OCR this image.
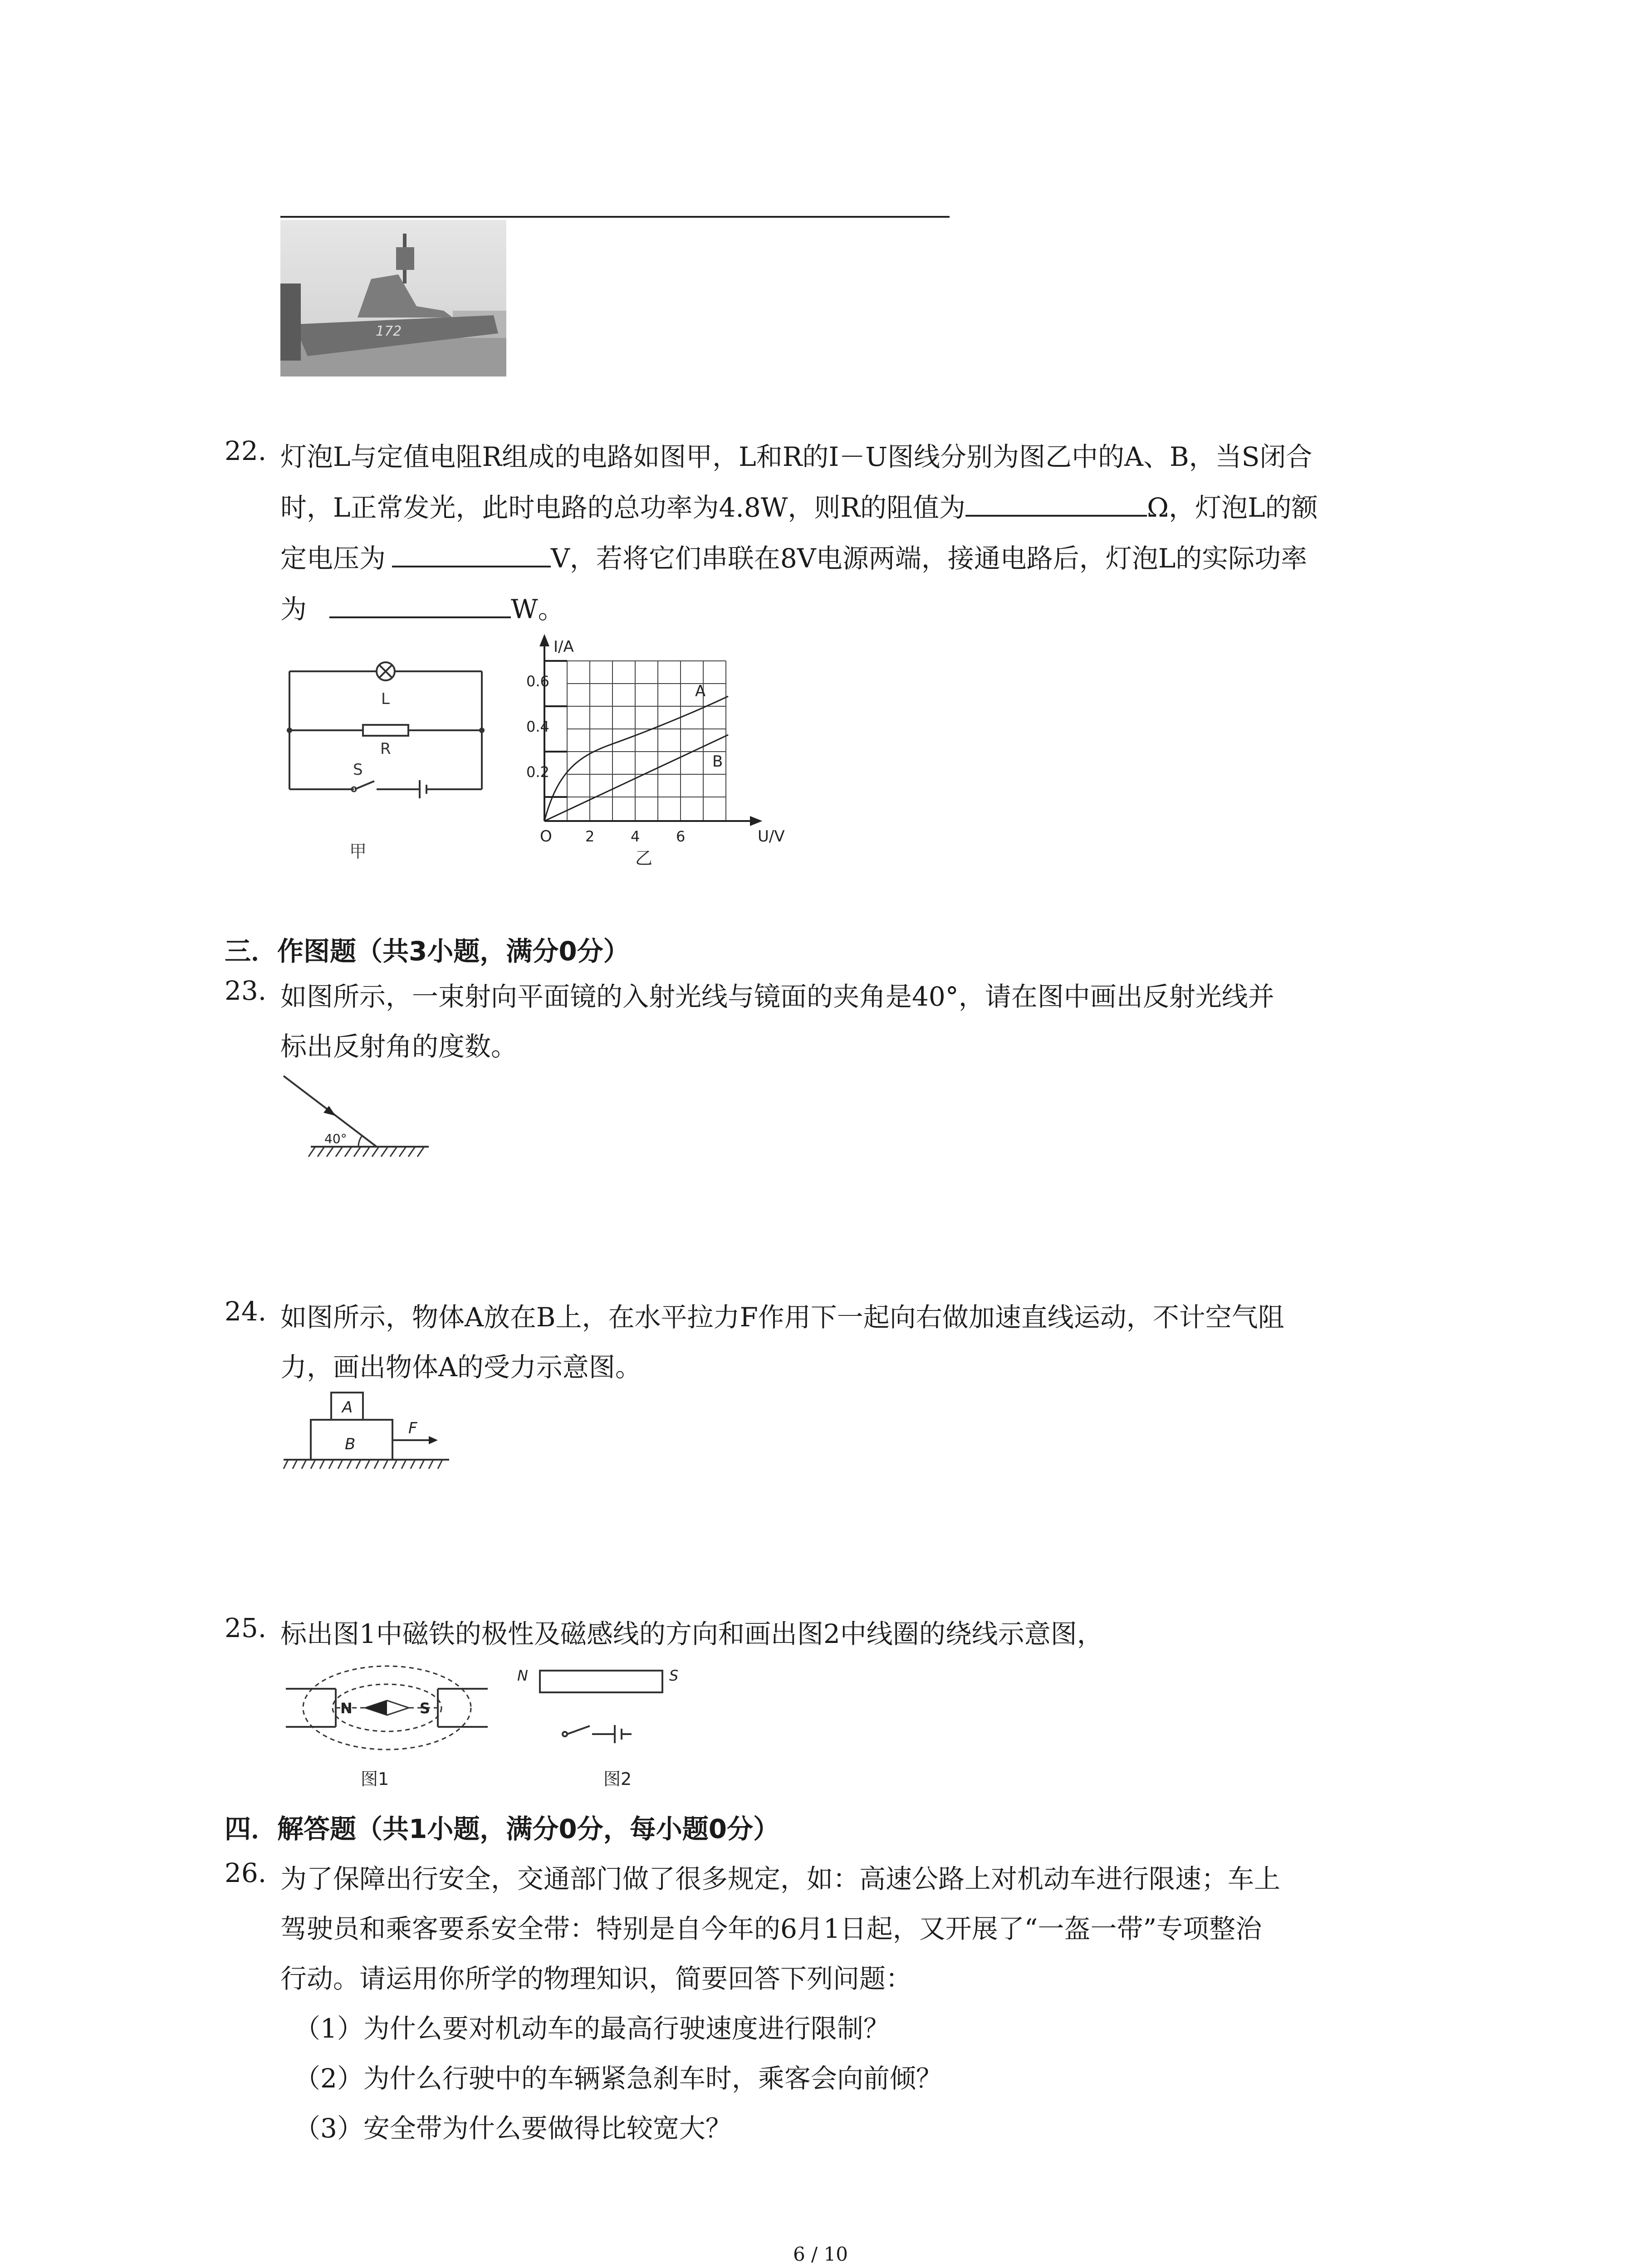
172
22. 灯泡L与定值电阻R组成的电路如图甲，L和R的I－U图线分别为图乙中的A、B，当S闭合
时，L正常发光，此时电路的总功率为4.8W，则R的阻值为	Ω，灯泡L的额
定电压为	V，若将它们串联在8V电源两端，接通电路后，灯泡L的实际功率
为	W。
L
R
S
甲
I/A
0.6
0.4
0.2
O 2 4 6	U/V
A
B
乙
三．作图题（共3小题，满分0分）
23. 如图所示，一束射向平面镜的入射光线与镜面的夹角是40°，请在图中画出反射光线并
标出反射角的度数。
40°
24. 如图所示，物体A放在B上，在水平拉力F作用下一起向右做加速直线运动，不计空气阻
力，画出物体A的受力示意图。
A
B
F
25. 标出图1中磁铁的极性及磁感线的方向和画出图2中线圈的绕线示意图，
N	S
图1
N	S
图2
四．解答题（共1小题，满分0分，每小题0分）
26. 为了保障出行安全，交通部门做了很多规定，如：高速公路上对机动车进行限速；车上
驾驶员和乘客要系安全带：特别是自今年的6月1日起，又开展了“一盔一带”专项整治
行动。请运用你所学的物理知识，简要回答下列问题：
（1）为什么要对机动车的最高行驶速度进行限制？
（2）为什么行驶中的车辆紧急刹车时，乘客会向前倾？
（3）安全带为什么要做得比较宽大？
6 / 10
